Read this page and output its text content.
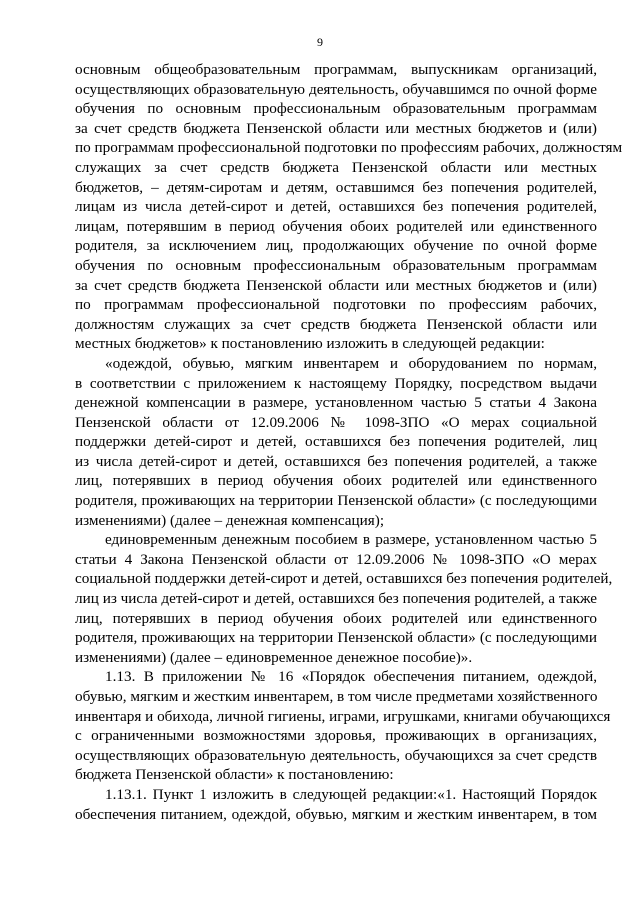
9
основным общеобразовательным программам, выпускникам организаций,
осуществляющих образовательную деятельность, обучавшимся по очной форме
обучения по основным профессиональным образовательным программам
за счет средств бюджета Пензенской области или местных бюджетов и (или)
по программам профессиональной подготовки по профессиям рабочих, должностям
служащих за счет средств бюджета Пензенской области или местных
бюджетов, – детям-сиротам и детям, оставшимся без попечения родителей,
лицам из числа детей-сирот и детей, оставшихся без попечения родителей,
лицам, потерявшим в период обучения обоих родителей или единственного
родителя, за исключением лиц, продолжающих обучение по очной форме
обучения по основным профессиональным образовательным программам
за счет средств бюджета Пензенской области или местных бюджетов и (или)
по программам профессиональной подготовки по профессиям рабочих,
должностям служащих за счет средств бюджета Пензенской области или
местных бюджетов» к постановлению изложить в следующей редакции:
«одеждой, обувью, мягким инвентарем и оборудованием по нормам,
в соответствии с приложением к настоящему Порядку, посредством выдачи
денежной компенсации в размере, установленном частью 5 статьи 4 Закона
Пензенской области от 12.09.2006 № 1098-ЗПО «О мерах социальной
поддержки детей-сирот и детей, оставшихся без попечения родителей, лиц
из числа детей-сирот и детей, оставшихся без попечения родителей, а также
лиц, потерявших в период обучения обоих родителей или единственного
родителя, проживающих на территории Пензенской области» (с последующими
изменениями) (далее – денежная компенсация);
единовременным денежным пособием в размере, установленном частью 5
статьи 4 Закона Пензенской области от 12.09.2006 № 1098-ЗПО «О мерах
социальной поддержки детей-сирот и детей, оставшихся без попечения родителей,
лиц из числа детей-сирот и детей, оставшихся без попечения родителей, а также
лиц, потерявших в период обучения обоих родителей или единственного
родителя, проживающих на территории Пензенской области» (с последующими
изменениями) (далее – единовременное денежное пособие)».
1.13. В приложении № 16 «Порядок обеспечения питанием, одеждой,
обувью, мягким и жестким инвентарем, в том числе предметами хозяйственного
инвентаря и обихода, личной гигиены, играми, игрушками, книгами обучающихся
с ограниченными возможностями здоровья, проживающих в организациях,
осуществляющих образовательную деятельность, обучающихся за счет средств
бюджета Пензенской области» к постановлению:
1.13.1. Пункт 1 изложить в следующей редакции:«1. Настоящий Порядок
обеспечения питанием, одеждой, обувью, мягким и жестким инвентарем, в том
